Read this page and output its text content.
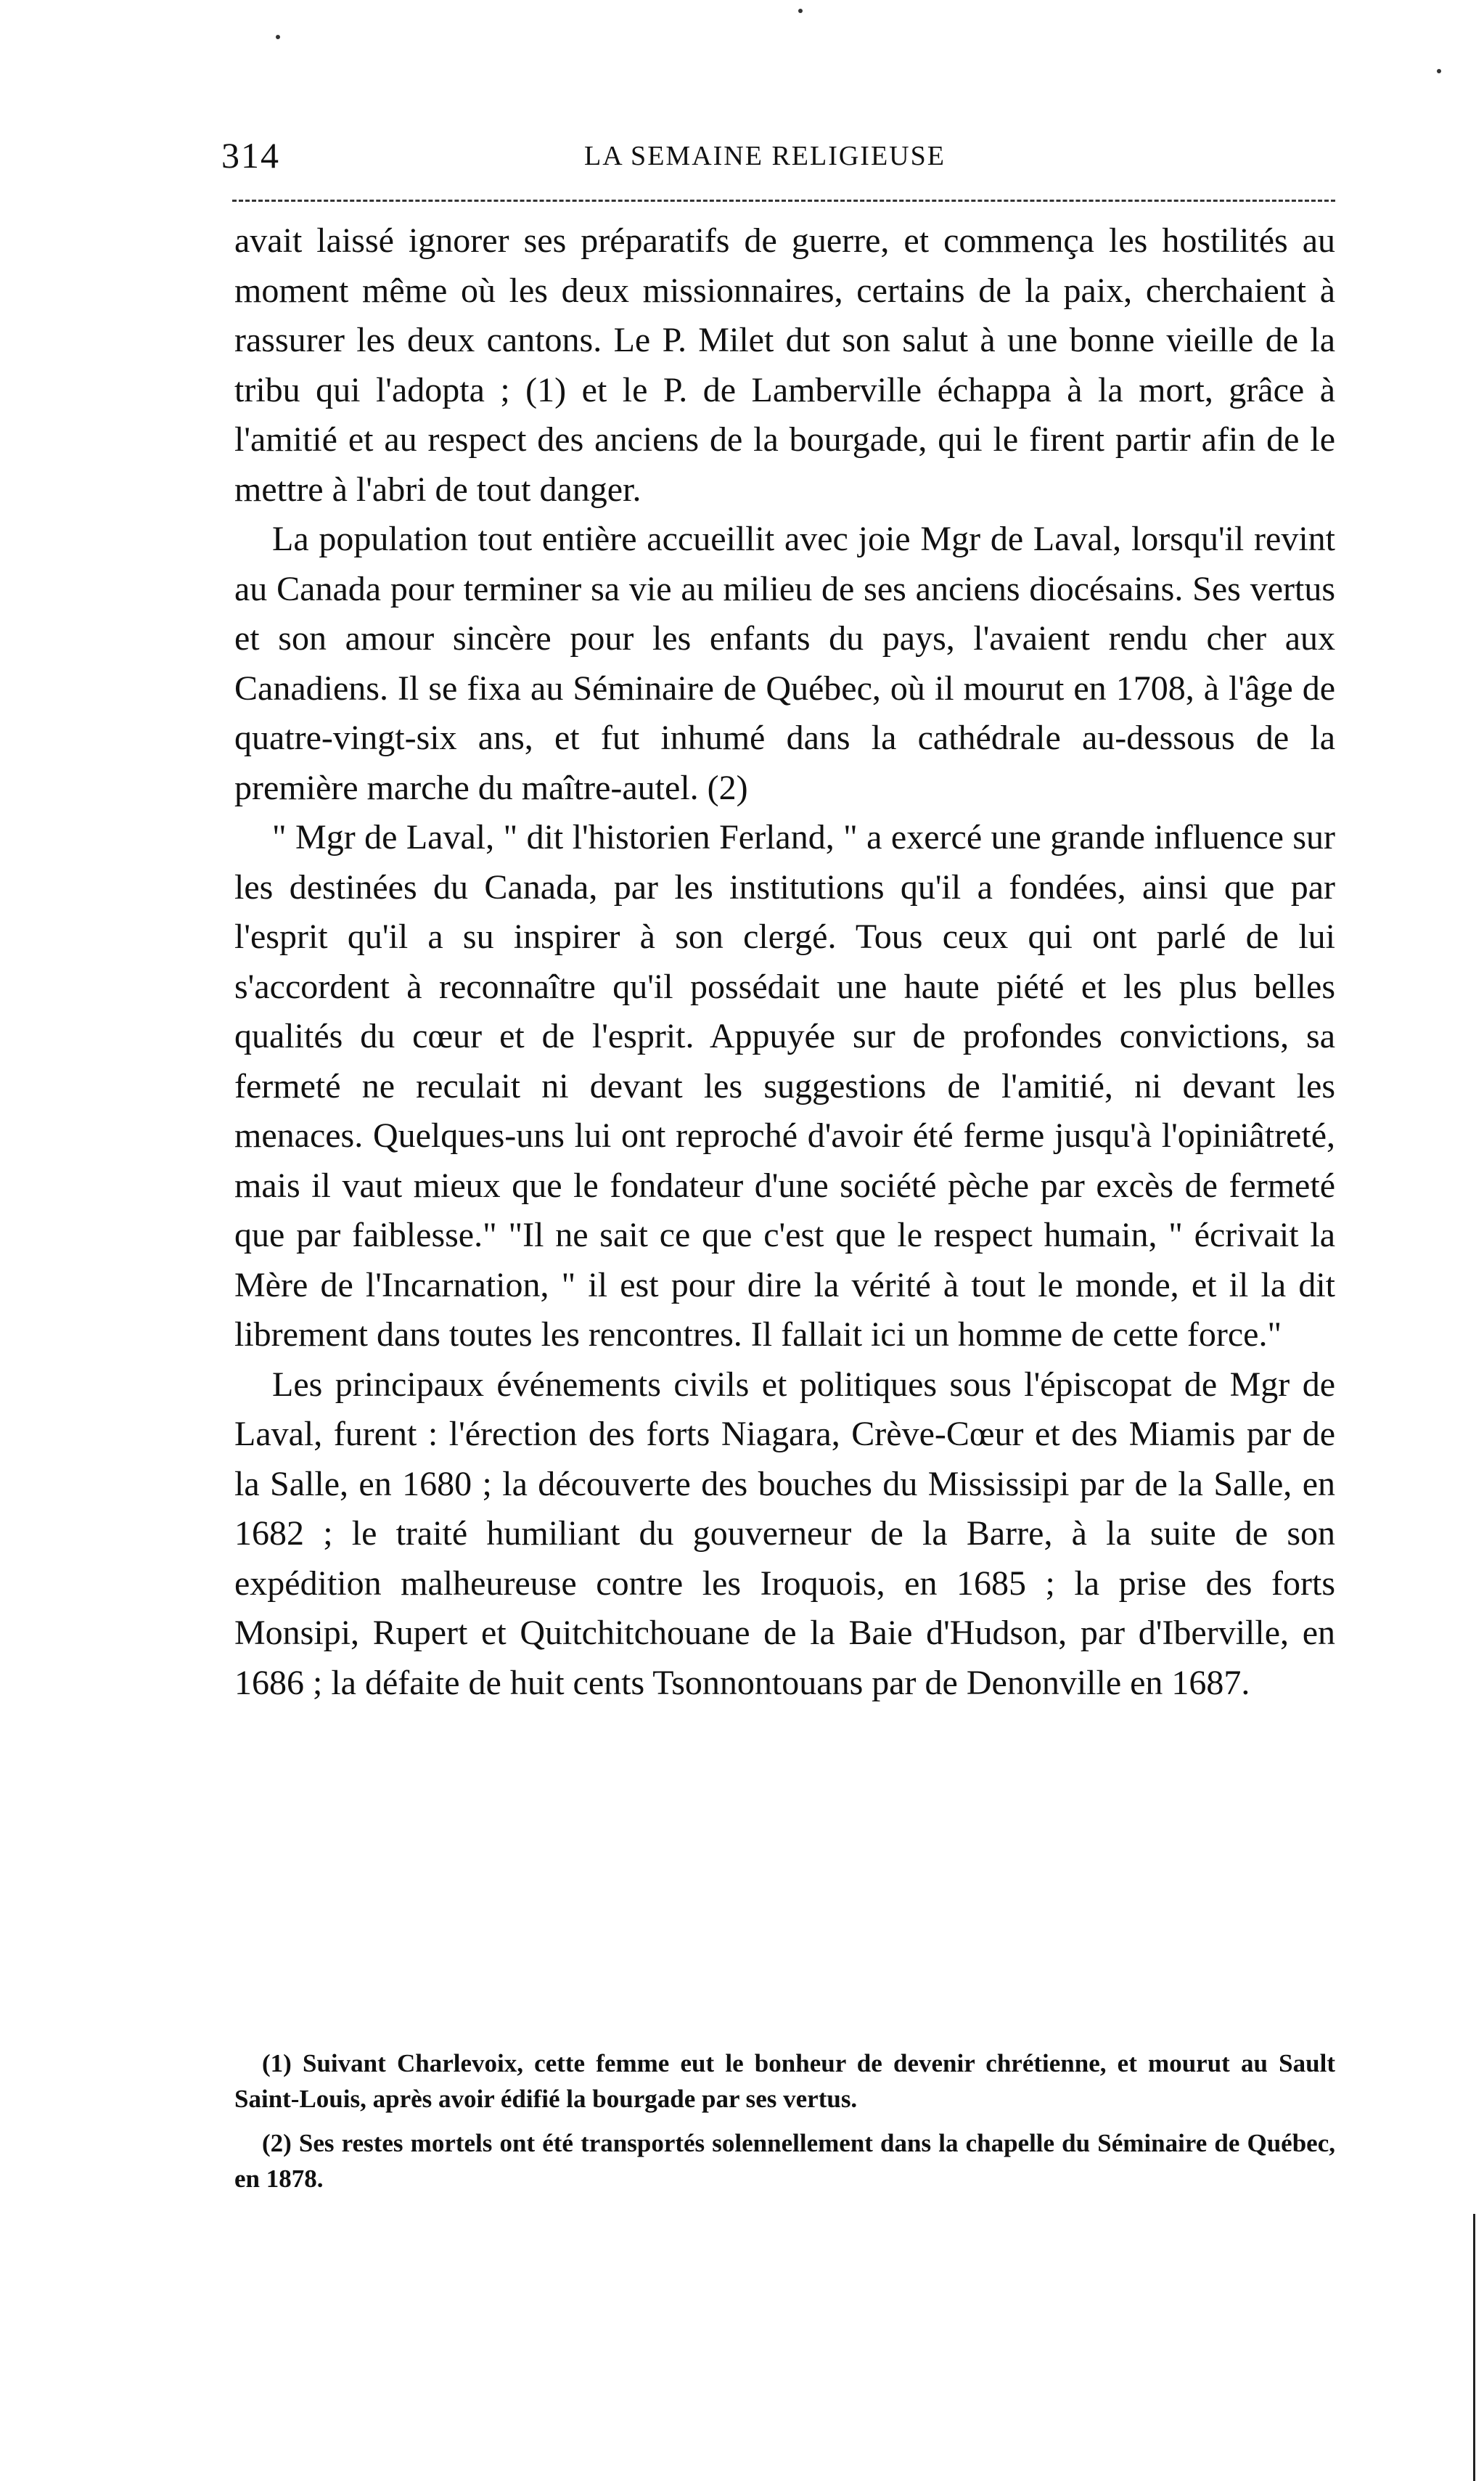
314	LA SEMAINE RELIGIEUSE

avait laissé ignorer ses préparatifs de guerre, et commença les hostilités au moment même où les deux missionnaires, certains de la paix, cherchaient à rassurer les deux cantons. Le P. Milet dut son salut à une bonne vieille de la tribu qui l'adopta ; (1) et le P. de Lamberville échappa à la mort, grâce à l'amitié et au respect des anciens de la bourgade, qui le firent partir afin de le mettre à l'abri de tout danger.

La population tout entière accueillit avec joie Mgr de Laval, lorsqu'il revint au Canada pour terminer sa vie au milieu de ses anciens diocésains. Ses vertus et son amour sincère pour les enfants du pays, l'avaient rendu cher aux Canadiens. Il se fixa au Séminaire de Québec, où il mourut en 1708, à l'âge de quatre-vingt-six ans, et fut inhumé dans la cathédrale au-dessous de la première marche du maître-autel. (2)

" Mgr de Laval, " dit l'historien Ferland, " a exercé une grande influence sur les destinées du Canada, par les institutions qu'il a fondées, ainsi que par l'esprit qu'il a su inspirer à son clergé. Tous ceux qui ont parlé de lui s'accordent à reconnaître qu'il possédait une haute piété et les plus belles qualités du cœur et de l'esprit. Appuyée sur de profondes convictions, sa fermeté ne reculait ni devant les suggestions de l'amitié, ni devant les menaces. Quelques-uns lui ont reproché d'avoir été ferme jusqu'à l'opiniâtreté, mais il vaut mieux que le fondateur d'une société pèche par excès de fermeté que par faiblesse." "Il ne sait ce que c'est que le respect humain, " écrivait la Mère de l'Incarnation, " il est pour dire la vérité à tout le monde, et il la dit librement dans toutes les rencontres. Il fallait ici un homme de cette force."

Les principaux événements civils et politiques sous l'épiscopat de Mgr de Laval, furent : l'érection des forts Niagara, Crève-Cœur et des Miamis par de la Salle, en 1680 ; la découverte des bouches du Mississipi par de la Salle, en 1682 ; le traité humiliant du gouverneur de la Barre, à la suite de son expédition malheureuse contre les Iroquois, en 1685 ; la prise des forts Monsipi, Rupert et Quitchitchouane de la Baie d'Hudson, par d'Iberville, en 1686 ; la défaite de huit cents Tsonnontouans par de Denonville en 1687.

(1) Suivant Charlevoix, cette femme eut le bonheur de devenir chrétienne, et mourut au Sault Saint-Louis, après avoir édifié la bourgade par ses vertus.

(2) Ses restes mortels ont été transportés solennellement dans la chapelle du Séminaire de Québec, en 1878.
